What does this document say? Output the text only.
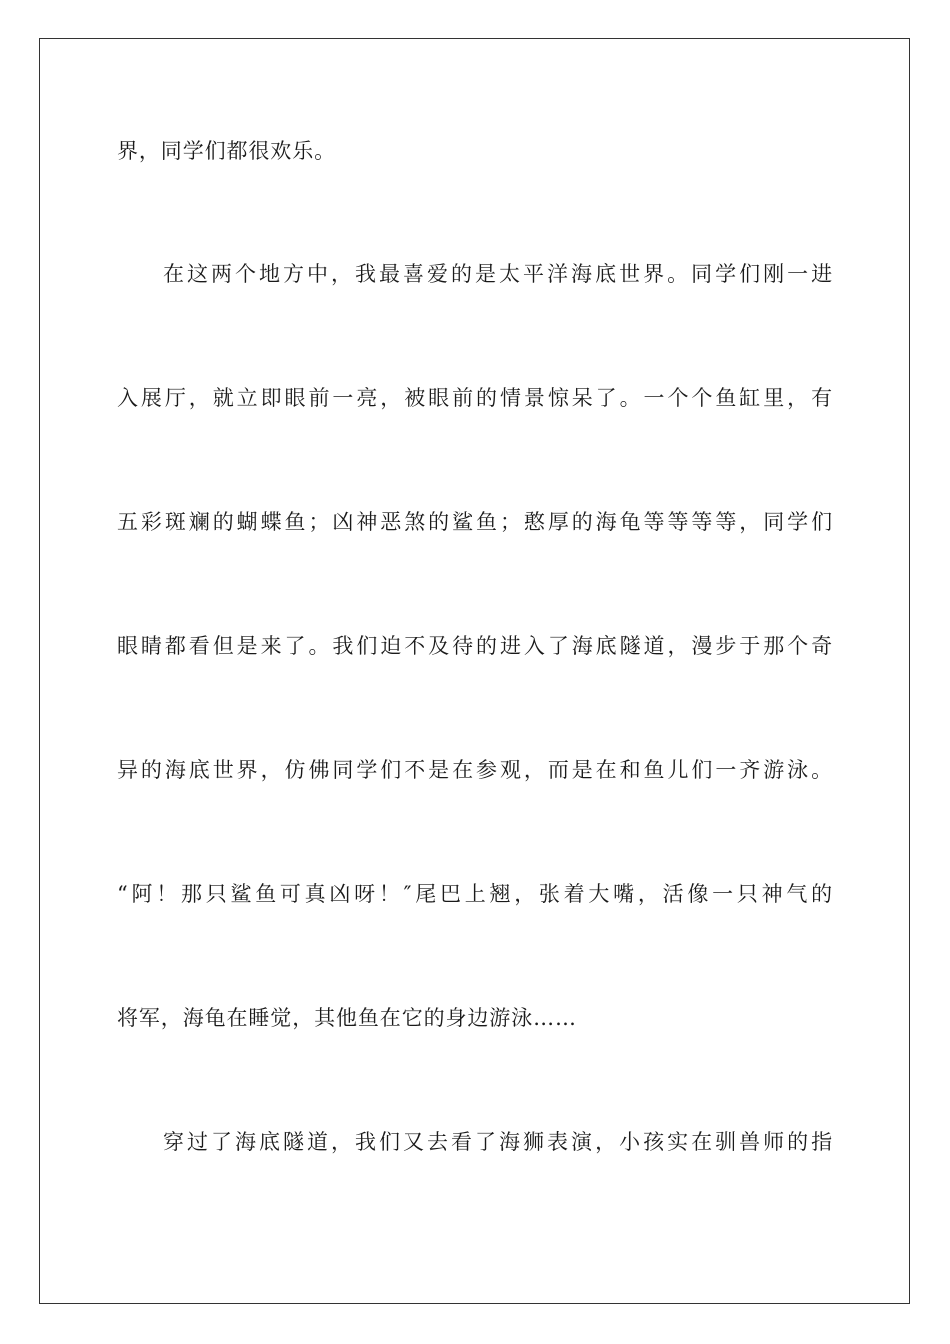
界，同学们都很欢乐。
在这两个地方中，我最喜爱的是太平洋海底世界。同学们刚一进
入展厅，就立即眼前一亮，被眼前的情景惊呆了。一个个鱼缸里，有
五彩斑斓的蝴蝶鱼；凶神恶煞的鲨鱼；憨厚的海龟等等等等，同学们
眼睛都看但是来了。我们迫不及待的进入了海底隧道，漫步于那个奇
异的海底世界，仿佛同学们不是在参观，而是在和鱼儿们一齐游泳。
“阿！那只鲨鱼可真凶呀！″尾巴上翘，张着大嘴，活像一只神气的
将军，海龟在睡觉，其他鱼在它的身边游泳……
穿过了海底隧道，我们又去看了海狮表演，小孩实在驯兽师的指
